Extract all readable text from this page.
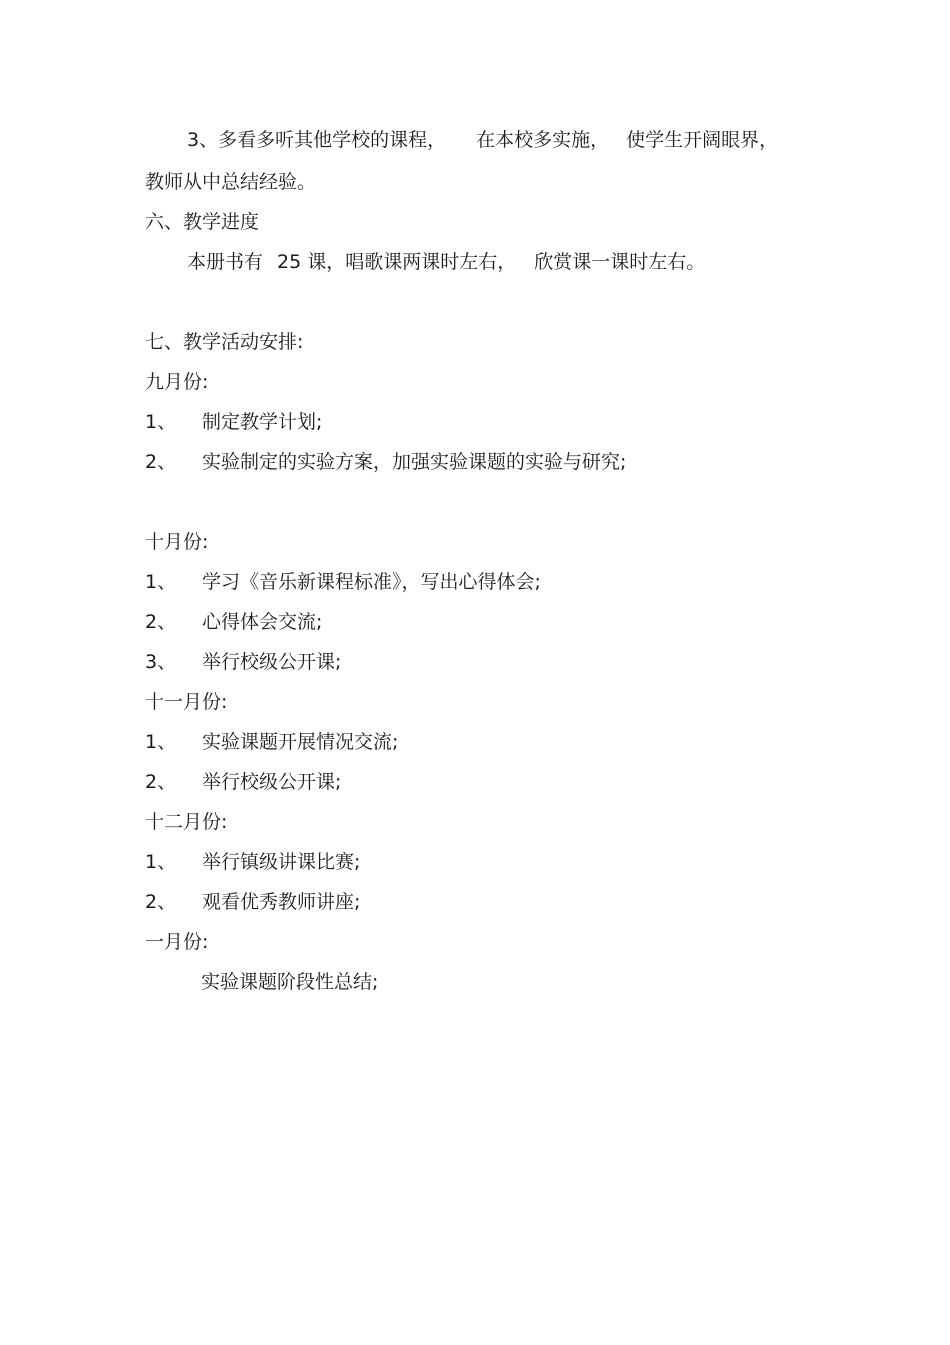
3、多看多听其他学校的课程， 在本校多实施， 使学生开阔眼界，
教师从中总结经验。
六、教学进度
本册书有 25 课，唱歌课两课时左右， 欣赏课一课时左右。
七、教学活动安排:
九月份:
1、 制定教学计划;
2、 实验制定的实验方案，加强实验课题的实验与研究;
十月份:
1、 学习《音乐新课程标准》，写出心得体会;
2、 心得体会交流;
3、 举行校级公开课;
十一月份:
1、 实验课题开展情况交流;
2、 举行校级公开课;
十二月份:
1、 举行镇级讲课比赛;
2、 观看优秀教师讲座;
一月份:
实验课题阶段性总结;
